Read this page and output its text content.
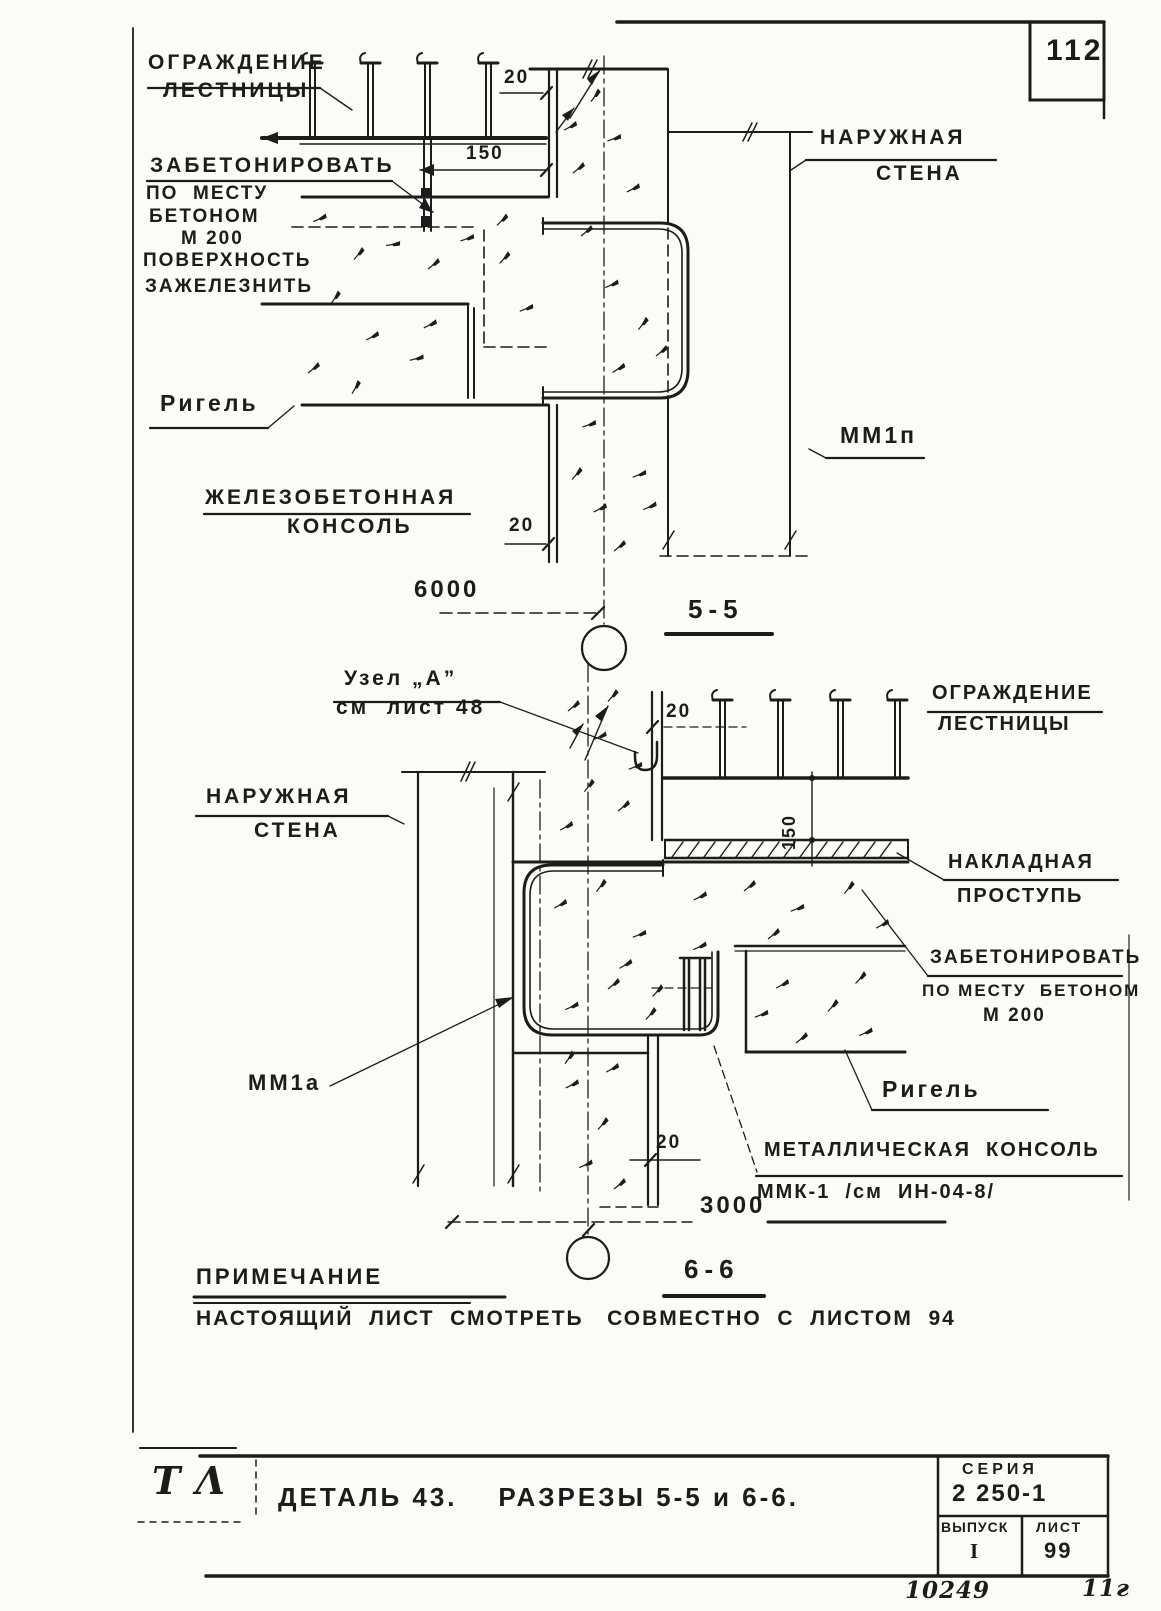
ОГРАЖДЕНИЕ
ЛЕСТНИЦЫ
ЗАБЕТОНИРОВАТЬ
ПО  МЕСТУ
БЕТОНОМ
М 200
ПОВЕРХНОСТЬ
ЗАЖЕЛЕЗНИТЬ
Ригель
ЖЕЛЕЗОБЕТОННАЯ
КОНСОЛЬ
НАРУЖНАЯ
СТЕНА
ММ1п
20
150
20
6000
5-5
Узел „А”
см  лист 48
НАРУЖНАЯ
СТЕНА
ММ1а
ОГРАЖДЕНИЕ
ЛЕСТНИЦЫ
НАКЛАДНАЯ
ПРОСТУПЬ
ЗАБЕТОНИРОВАТЬ
ПО МЕСТУ  БЕТОНОМ
М 200
Ригель
МЕТАЛЛИЧЕСКАЯ  КОНСОЛЬ
ММК-1  /см  ИН-04-8/
20
150
20
3000
6-6
ПРИМЕЧАНИЕ
НАСТОЯЩИЙ  ЛИСТ  СМОТРЕТЬ   СОВМЕСТНО  С  ЛИСТОМ  94
Т Λ ДЕТАЛЬ 43.    РАЗРЕЗЫ 5-5 и 6-6.
СЕРИЯ
2 250-1
ВЫПУСК
I
ЛИСТ
99
10249	11г
112
